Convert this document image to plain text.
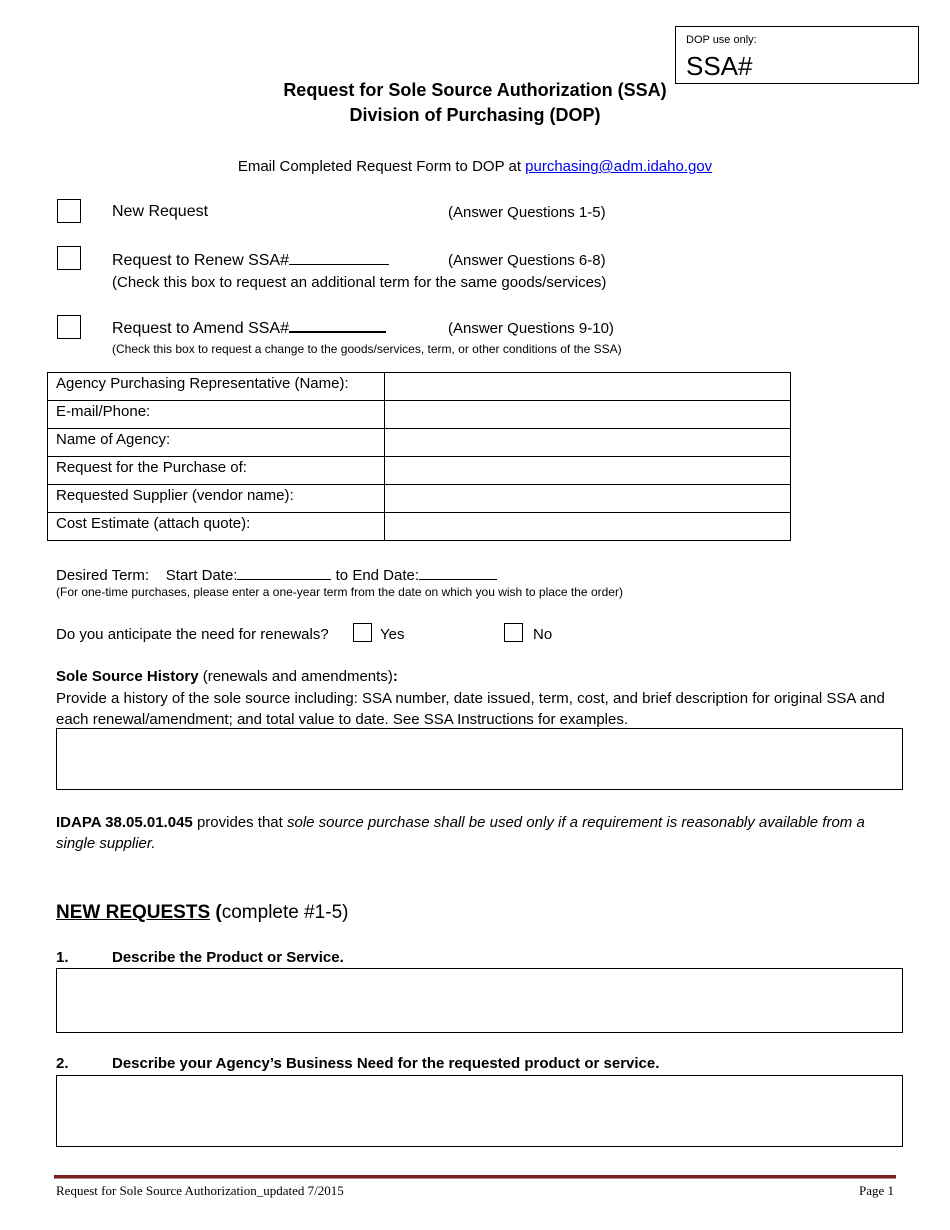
DOP use only:
SSA#
Request for Sole Source Authorization (SSA)
Division of Purchasing (DOP)
Email Completed Request Form to DOP at purchasing@adm.idaho.gov
New Request	(Answer Questions 1-5)
Request to Renew SSA#	(Answer Questions 6-8)
(Check this box to request an additional term for the same goods/services)
Request to Amend SSA#	(Answer Questions 9-10)
(Check this box to request a change to the goods/services, term, or other conditions of the SSA)
Agency Purchasing Representative (Name):	
E-mail/Phone:	
Name of Agency:	
Request for the Purchase of:	
Requested Supplier (vendor name):	
Cost Estimate (attach quote):	
Desired Term: Start Date:	to End Date:
(For one-time purchases, please enter a one-year term from the date on which you wish to place the order)
Do you anticipate the need for renewals?	Yes	No
Sole Source History (renewals and amendments):
Provide a history of the sole source including: SSA number, date issued, term, cost, and brief description for original SSA and each renewal/amendment; and total value to date. See SSA Instructions for examples.
IDAPA 38.05.01.045 provides that sole source purchase shall be used only if a requirement is reasonably available from a single supplier.
NEW REQUESTS (complete #1-5)
1.	Describe the Product or Service.
2.	Describe your Agency’s Business Need for the requested product or service.
Request for Sole Source Authorization_updated 7/2015	Page 1
